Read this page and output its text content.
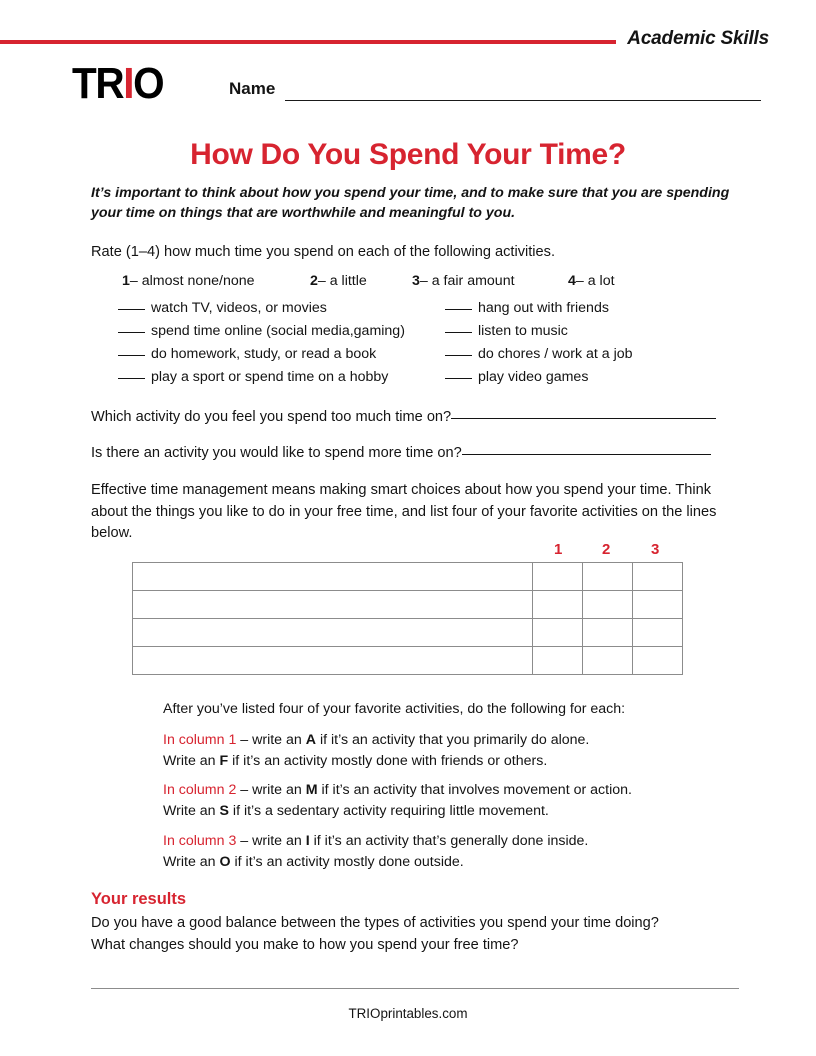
Academic Skills
TRIO	Name
How Do You Spend Your Time?
It’s important to think about how you spend your time, and to make sure that you are spending your time on things that are worthwhile and meaningful to you.
Rate (1–4) how much time you spend on each of the following activities.
1 – almost none/none	2 – a little	3 – a fair amount	4 – a lot
watch TV, videos, or movies
spend time online (social media,gaming)
do homework, study, or read a book
play a sport or spend time on a hobby
hang out with friends
listen to music
do chores / work at a job
play video games
Which activity do you feel you spend too much time on?
Is there an activity you would like to spend more time on?
Effective time management means making smart choices about how you spend your time. Think about the things you like to do in your free time, and list four of your favorite activities on the lines below.
1	2	3

After you’ve listed four of your favorite activities, do the following for each:
In column 1 – write an A if it’s an activity that you primarily do alone.
Write an F if it’s an activity mostly done with friends or others.
In column 2 – write an M if it’s an activity that involves movement or action.
Write an S if it’s a sedentary activity requiring little movement.
In column 3 – write an I if it’s an activity that’s generally done inside.
Write an O if it’s an activity mostly done outside.
Your results
Do you have a good balance between the types of activities you spend your time doing?
What changes should you make to how you spend your free time?
TRIOprintables.com
